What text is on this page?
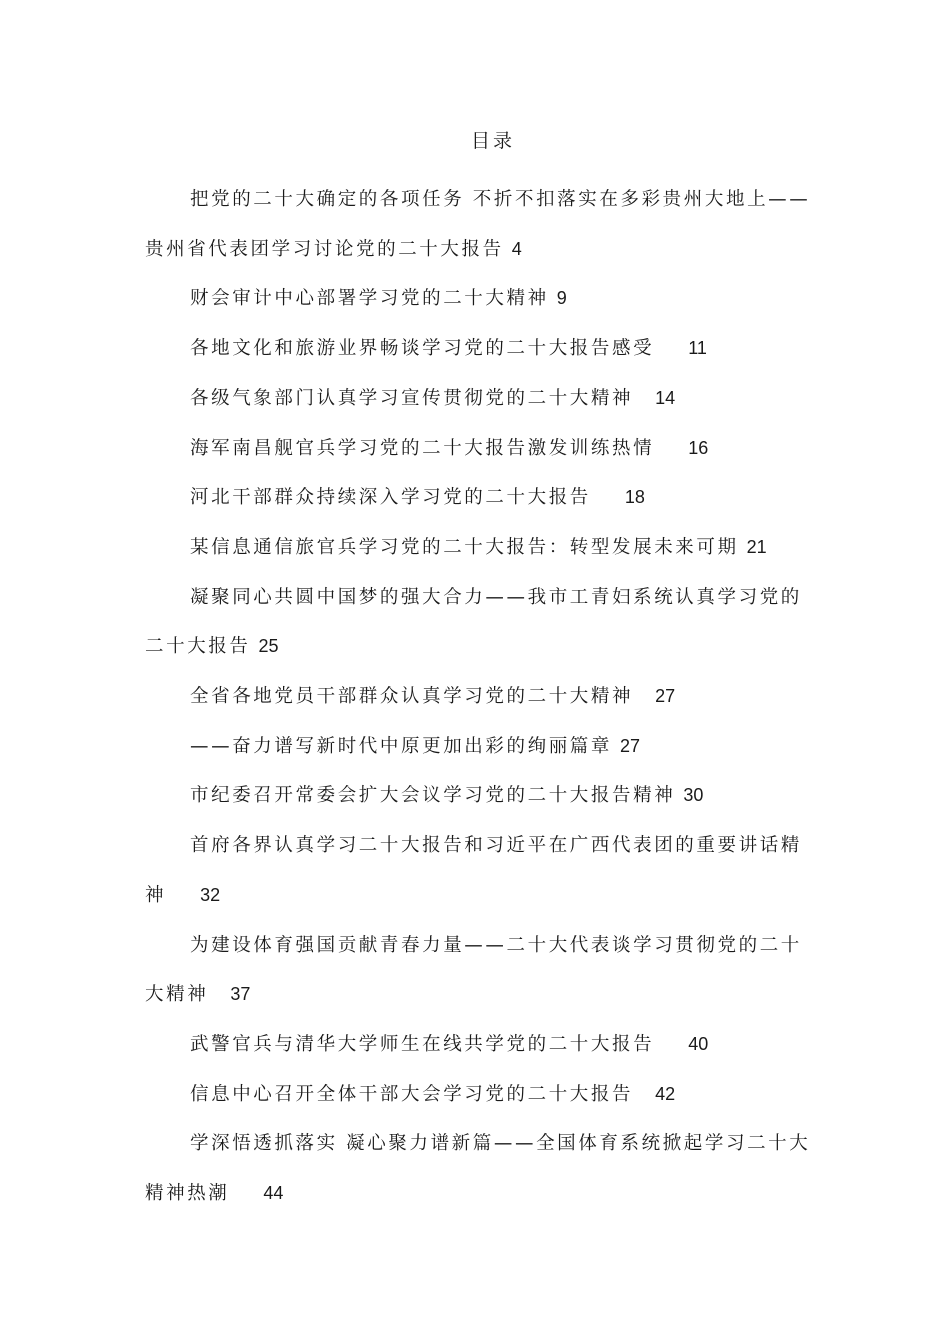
目录
把党的二十大确定的各项任务 不折不扣落实在多彩贵州大地上——贵州省代表团学习讨论党的二十大报告 4
财会审计中心部署学习党的二十大精神 9
各地文化和旅游业界畅谈学习党的二十大报告感受 11
各级气象部门认真学习宣传贯彻党的二十大精神 14
海军南昌舰官兵学习党的二十大报告激发训练热情 16
河北干部群众持续深入学习党的二十大报告 18
某信息通信旅官兵学习党的二十大报告：转型发展未来可期 21
凝聚同心共圆中国梦的强大合力——我市工青妇系统认真学习党的二十大报告 25
全省各地党员干部群众认真学习党的二十大精神 27
——奋力谱写新时代中原更加出彩的绚丽篇章 27
市纪委召开常委会扩大会议学习党的二十大报告精神 30
首府各界认真学习二十大报告和习近平在广西代表团的重要讲话精神 32
为建设体育强国贡献青春力量——二十大代表谈学习贯彻党的二十大精神 37
武警官兵与清华大学师生在线共学党的二十大报告 40
信息中心召开全体干部大会学习党的二十大报告 42
学深悟透抓落实 凝心聚力谱新篇——全国体育系统掀起学习二十大精神热潮 44
